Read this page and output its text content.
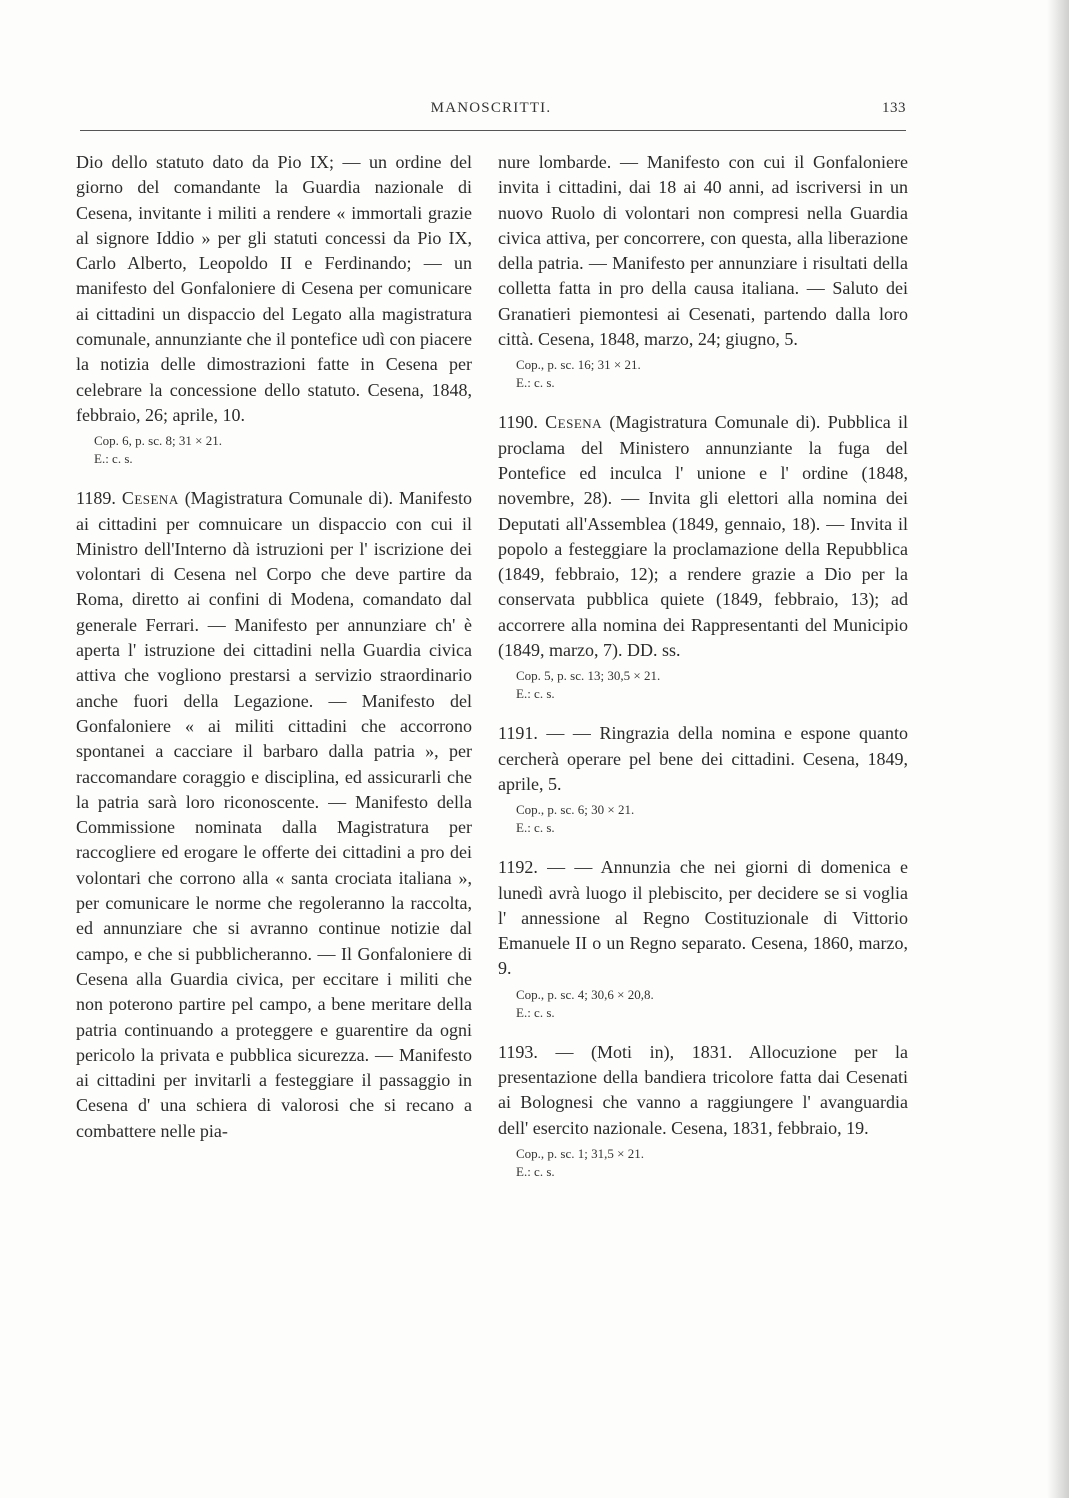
MANOSCRITTI.	133

Dio dello statuto dato da Pio IX; — un ordine del giorno del comandante la Guardia nazionale di Cesena, invitante i militi a rendere « immortali grazie al signore Iddio » per gli statuti concessi da Pio IX, Carlo Alberto, Leopoldo II e Ferdinando; — un manifesto del Gonfaloniere di Cesena per comunicare ai cittadini un dispaccio del Legato alla magistratura comunale, annunziante che il pontefice udì con piacere la notizia delle dimostrazioni fatte in Cesena per celebrare la concessione dello statuto. Cesena, 1848, febbraio, 26; aprile, 10.

Cop. 6, p. sc. 8; 31 × 21.
E.: c. s.

1189. Cesena (Magistratura Comunale di). Manifesto ai cittadini per comnuicare un dispaccio con cui il Ministro dell'Interno dà istruzioni per l' iscrizione dei volontari di Cesena nel Corpo che deve partire da Roma, diretto ai confini di Modena, comandato dal generale Ferrari. — Manifesto per annunziare ch' è aperta l' istruzione dei cittadini nella Guardia civica attiva che vogliono prestarsi a servizio straordinario anche fuori della Legazione. — Manifesto del Gonfaloniere « ai militi cittadini che accorrono spontanei a cacciare il barbaro dalla patria », per raccomandare coraggio e disciplina, ed assicurarli che la patria sarà loro riconoscente. — Manifesto della Commissione nominata dalla Magistratura per raccogliere ed erogare le offerte dei cittadini a pro dei volontari che corrono alla « santa crociata italiana », per comunicare le norme che regoleranno la raccolta, ed annunziare che si avranno continue notizie dal campo, e che si pubblicheranno. — Il Gonfaloniere di Cesena alla Guardia civica, per eccitare i militi che non poterono partire pel campo, a bene meritare della patria continuando a proteggere e guarentire da ogni pericolo la privata e pubblica sicurezza. — Manifesto ai cittadini per invitarli a festeggiare il passaggio in Cesena d' una schiera di valorosi che si recano a combattere nelle pia-

nure lombarde. — Manifesto con cui il Gonfaloniere invita i cittadini, dai 18 ai 40 anni, ad iscriversi in un nuovo Ruolo di volontari non compresi nella Guardia civica attiva, per concorrere, con questa, alla liberazione della patria. — Manifesto per annunziare i risultati della colletta fatta in pro della causa italiana. — Saluto dei Granatieri piemontesi ai Cesenati, partendo dalla loro città. Cesena, 1848, marzo, 24; giugno, 5.

Cop., p. sc. 16; 31 × 21.
E.: c. s.

1190. Cesena (Magistratura Comunale di). Pubblica il proclama del Ministero annunziante la fuga del Pontefice ed inculca l' unione e l' ordine (1848, novembre, 28). — Invita gli elettori alla nomina dei Deputati all'Assemblea (1849, gennaio, 18). — Invita il popolo a festeggiare la proclamazione della Repubblica (1849, febbraio, 12); a rendere grazie a Dio per la conservata pubblica quiete (1849, febbraio, 13); ad accorrere alla nomina dei Rappresentanti del Municipio (1849, marzo, 7). DD. ss.

Cop. 5, p. sc. 13; 30,5 × 21.
E.: c. s.

1191. — — Ringrazia della nomina e espone quanto cercherà operare pel bene dei cittadini. Cesena, 1849, aprile, 5.

Cop., p. sc. 6; 30 × 21.
E.: c. s.

1192. — — Annunzia che nei giorni di domenica e lunedì avrà luogo il plebiscito, per decidere se si voglia l' annessione al Regno Costituzionale di Vittorio Emanuele II o un Regno separato. Cesena, 1860, marzo, 9.

Cop., p. sc. 4; 30,6 × 20,8.
E.: c. s.

1193. — (Moti in), 1831. Allocuzione per la presentazione della bandiera tricolore fatta dai Cesenati ai Bolognesi che vanno a raggiungere l' avanguardia dell' esercito nazionale. Cesena, 1831, febbraio, 19.

Cop., p. sc. 1; 31,5 × 21.
E.: c. s.
